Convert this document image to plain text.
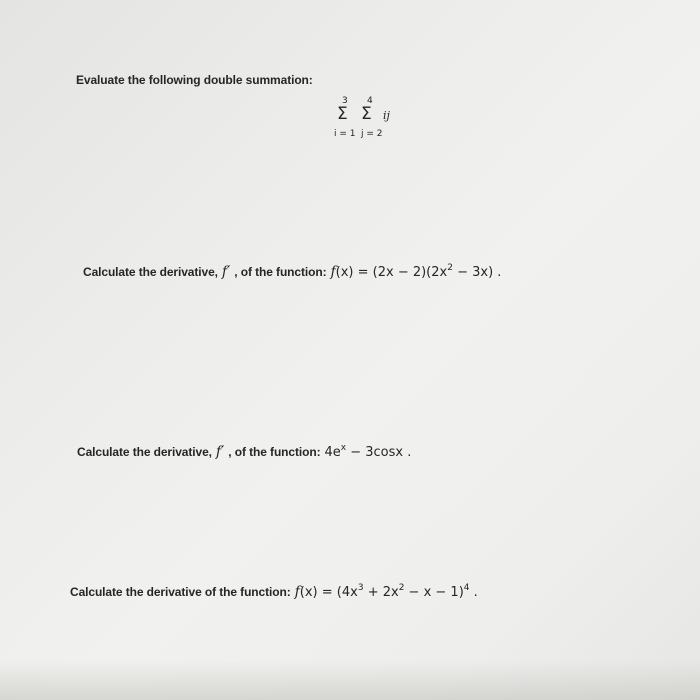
Evaluate the following double summation:
3 4
Σ Σ ij
i = 1 j = 2
Calculate the derivative, f′ , of the function: $f(x) = (2x - 2)(2x^2 - 3x)$ .
Calculate the derivative, f′ , of the function: $4e^x - 3\cos x$ .
Calculate the derivative of the function: $f(x) = (4x^3 + 2x^2 - x - 1)^4$ .
